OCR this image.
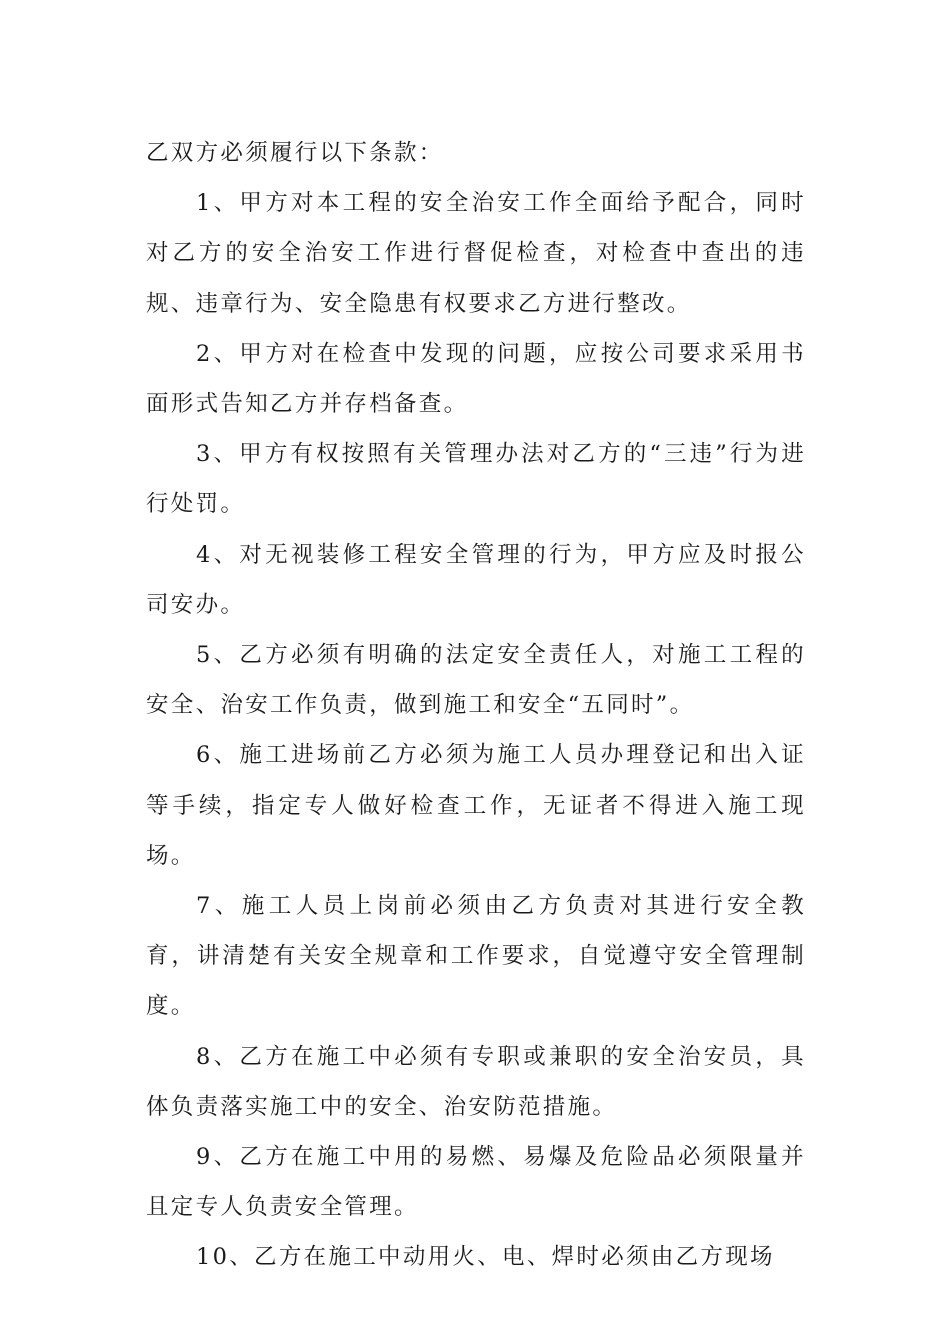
乙双方必须履行以下条款：

1、甲方对本工程的安全治安工作全面给予配合，同时对乙方的安全治安工作进行督促检查，对检查中查出的违规、违章行为、安全隐患有权要求乙方进行整改。

2、甲方对在检查中发现的问题，应按公司要求采用书面形式告知乙方并存档备查。

3、甲方有权按照有关管理办法对乙方的“三违”行为进行处罚。

4、对无视装修工程安全管理的行为，甲方应及时报公司安办。

5、乙方必须有明确的法定安全责任人，对施工工程的安全、治安工作负责，做到施工和安全“五同时”。

6、施工进场前乙方必须为施工人员办理登记和出入证等手续，指定专人做好检查工作，无证者不得进入施工现场。

7、施工人员上岗前必须由乙方负责对其进行安全教育，讲清楚有关安全规章和工作要求，自觉遵守安全管理制度。

8、乙方在施工中必须有专职或兼职的安全治安员，具体负责落实施工中的安全、治安防范措施。

9、乙方在施工中用的易燃、易爆及危险品必须限量并且定专人负责安全管理。

10、乙方在施工中动用火、电、焊时必须由乙方现场
